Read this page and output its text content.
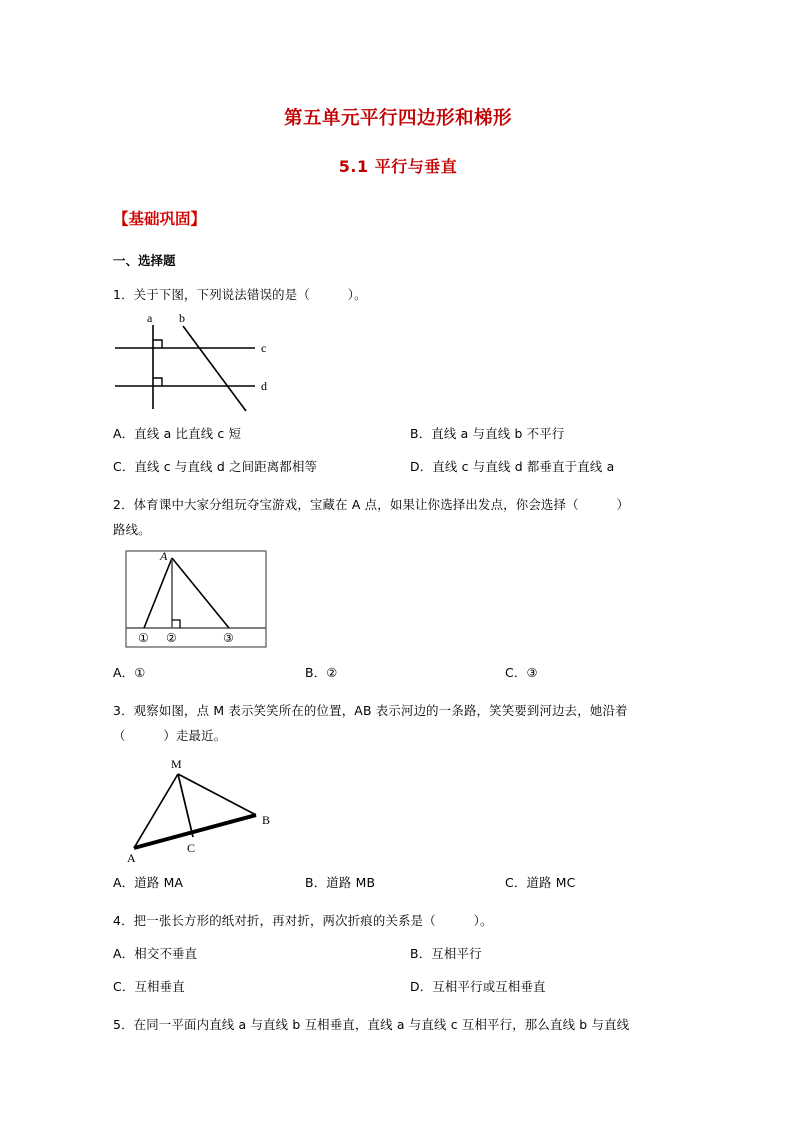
第五单元平行四边形和梯形
5.1 平行与垂直
【基础巩固】
一、选择题
1．关于下图，下列说法错误的是（　　　）。
a b
c
d
A．直线 a 比直线 c 短	B．直线 a 与直线 b 不平行
C．直线 c 与直线 d 之间距离都相等	D．直线 c 与直线 d 都垂直于直线 a
2．体育课中大家分组玩夺宝游戏，宝藏在 A 点，如果让你选择出发点，你会选择（　　　）
路线。
A
① ②	③
A．①	B．②	C．③
3．观察如图，点 M 表示笑笑所在的位置，AB 表示河边的一条路，笑笑要到河边去，她沿着
（　　　）走最近。
M
A
B
C
A．道路 MA	B．道路 MB	C．道路 MC
4．把一张长方形的纸对折，再对折，两次折痕的关系是（　　　）。
A．相交不垂直	B．互相平行
C．互相垂直	D．互相平行或互相垂直
5．在同一平面内直线 a 与直线 b 互相垂直，直线 a 与直线 c 互相平行，那么直线 b 与直线
